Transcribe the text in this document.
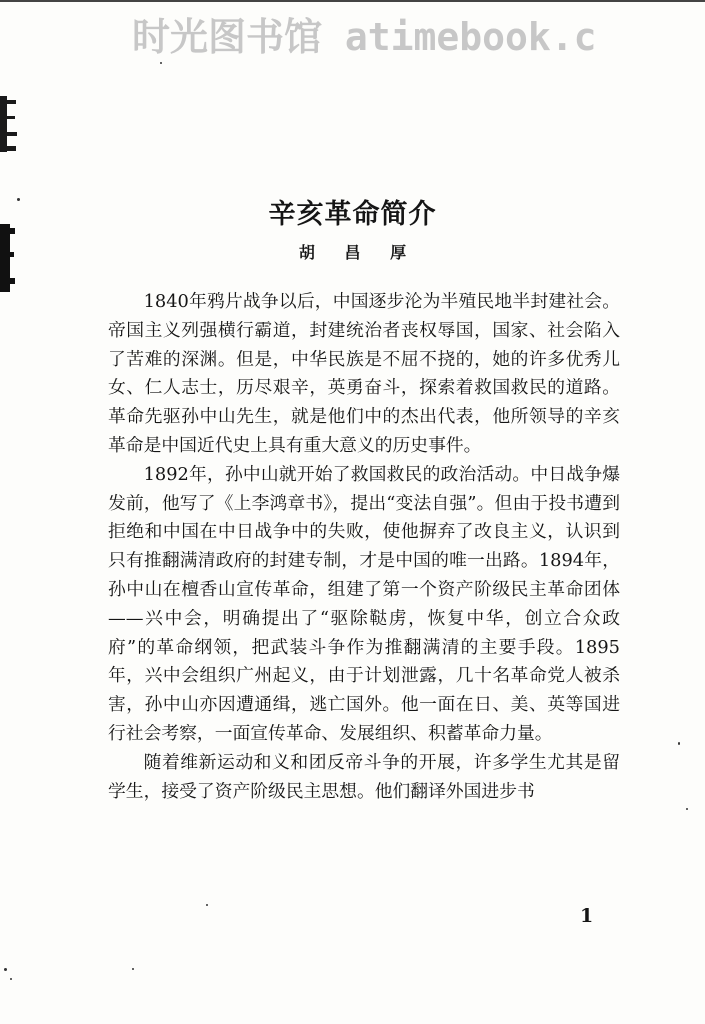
时光图书馆 atimebook.c
辛亥革命简介
胡 昌 厚

1840年鸦片战争以后，中国逐步沦为半殖民地半封建社会。帝国主义列强横行霸道，封建统治者丧权辱国，国家、社会陷入了苦难的深渊。但是，中华民族是不屈不挠的，她的许多优秀儿女、仁人志士，历尽艰辛，英勇奋斗，探索着救国救民的道路。革命先驱孙中山先生，就是他们中的杰出代表，他所领导的辛亥革命是中国近代史上具有重大意义的历史事件。

1892年，孙中山就开始了救国救民的政治活动。中日战争爆发前，他写了《上李鸿章书》，提出“变法自强”。但由于投书遭到拒绝和中国在中日战争中的失败，使他摒弃了改良主义，认识到只有推翻满清政府的封建专制，才是中国的唯一出路。1894年，孙中山在檀香山宣传革命，组建了第一个资产阶级民主革命团体——兴中会，明确提出了“驱除鞑虏，恢复中华，创立合众政府”的革命纲领，把武装斗争作为推翻满清的主要手段。1895年，兴中会组织广州起义，由于计划泄露，几十名革命党人被杀害，孙中山亦因遭通缉，逃亡国外。他一面在日、美、英等国进行社会考察，一面宣传革命、发展组织、积蓄革命力量。

随着维新运动和义和团反帝斗争的开展，许多学生尤其是留学生，接受了资产阶级民主思想。他们翻译外国进步书

1
